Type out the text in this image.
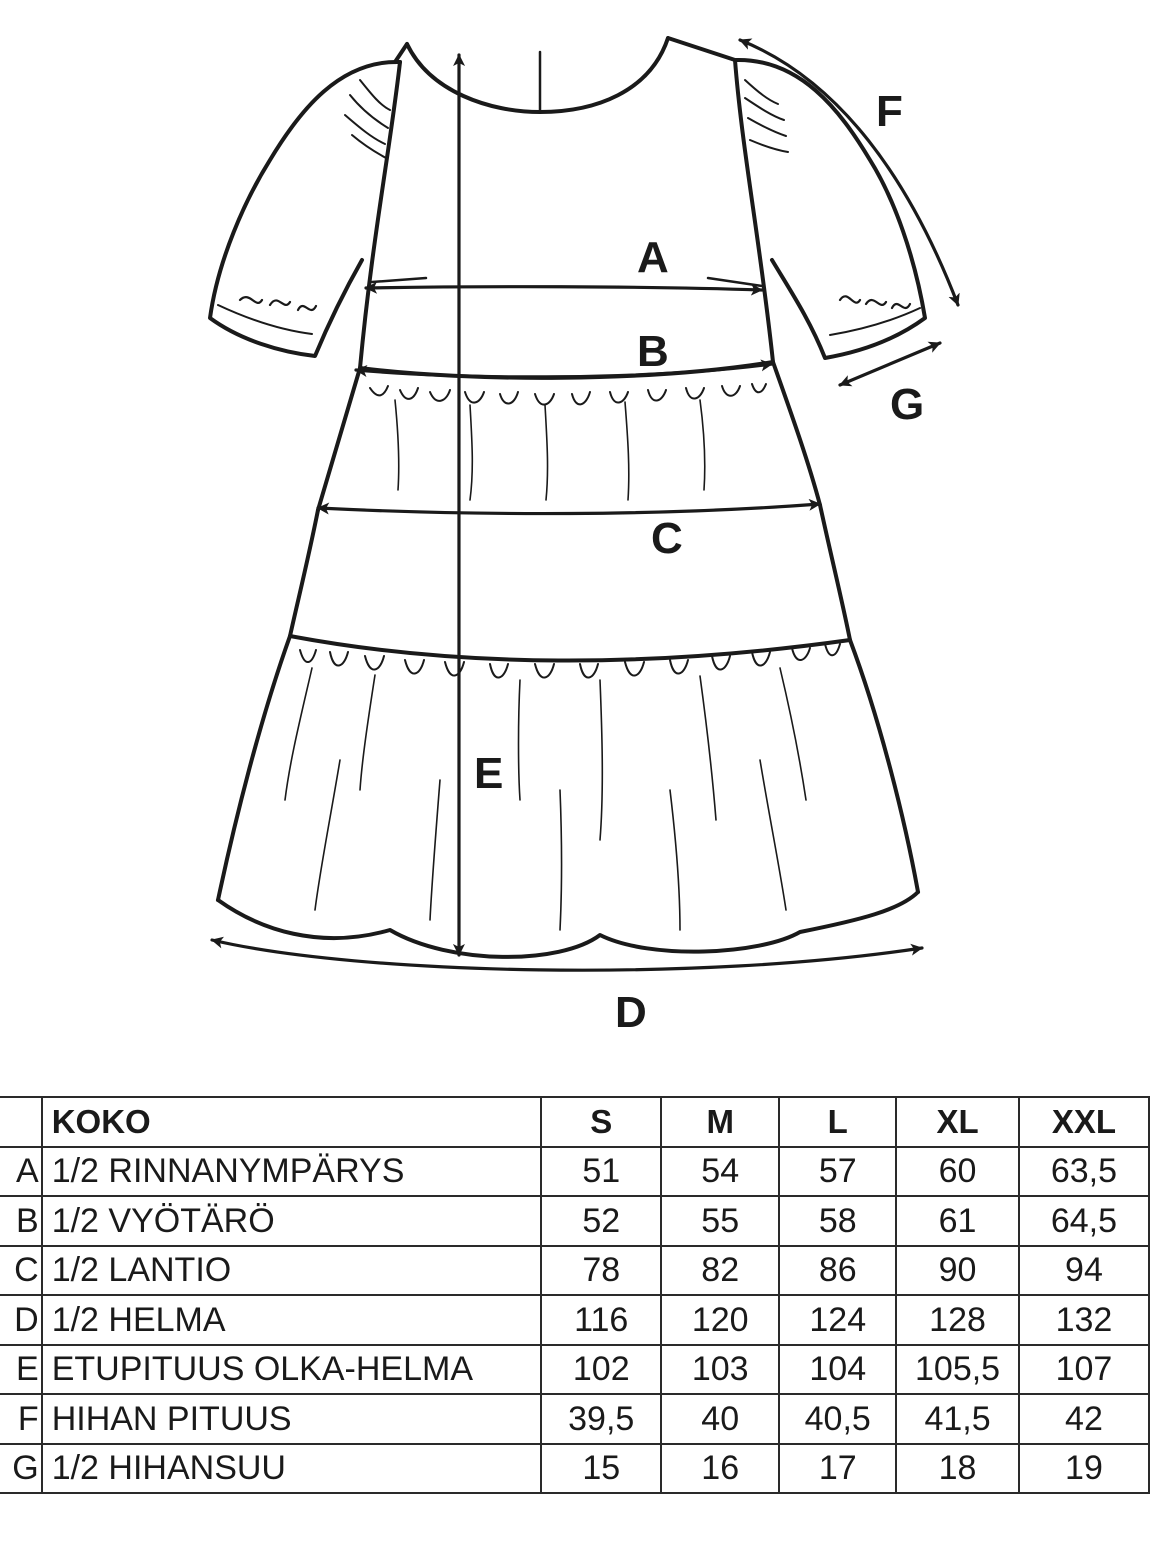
A
B
C
D
E
F
G
	KOKO	S	M	L	XL	XXL
A	1/2 RINNANYMPÄRYS	51	54	57	60	63,5
B	1/2 VYÖTÄRÖ	52	55	58	61	64,5
C	1/2 LANTIO	78	82	86	90	94
D	1/2 HELMA	116	120	124	128	132
E	ETUPITUUS OLKA-HELMA	102	103	104	105,5	107
F	HIHAN PITUUS	39,5	40	40,5	41,5	42
G	1/2 HIHANSUU	15	16	17	18	19
